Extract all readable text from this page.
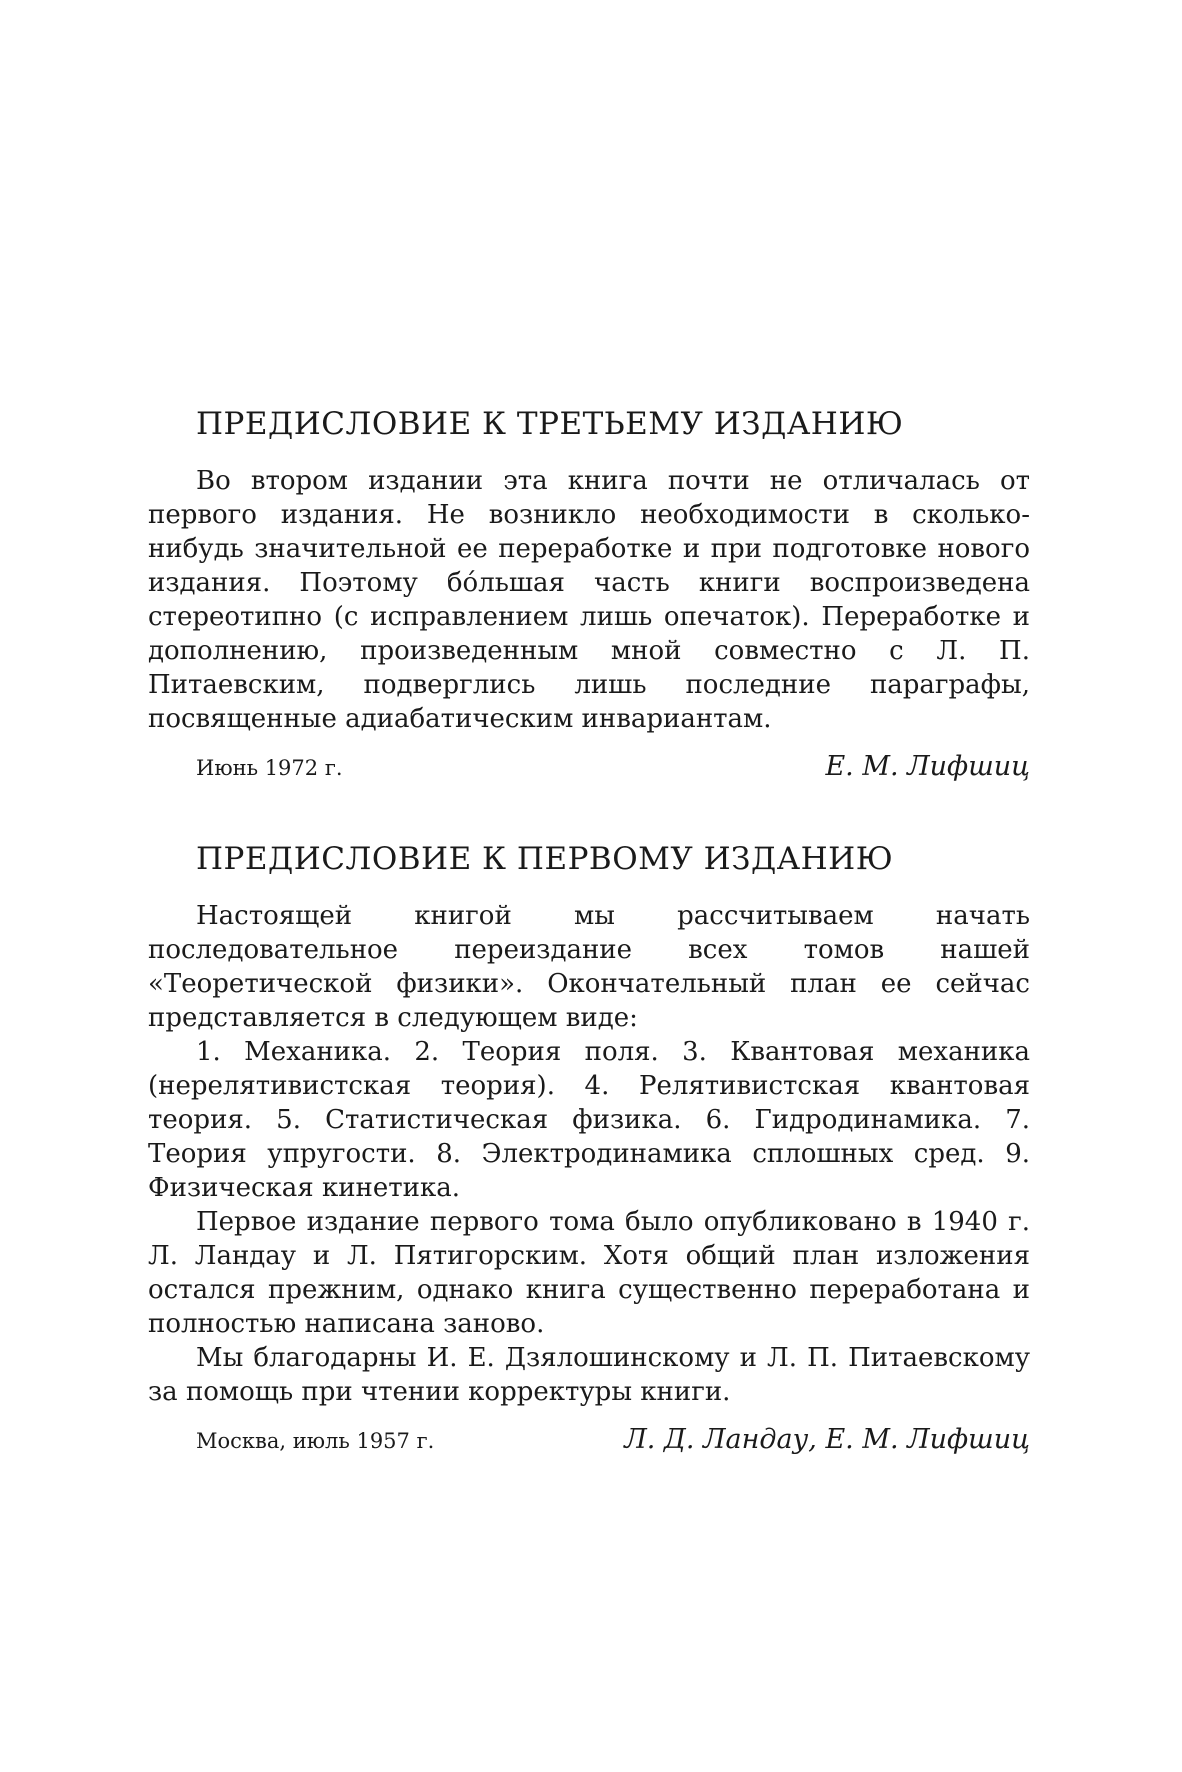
ПРЕДИСЛОВИЕ К ТРЕТЬЕМУ ИЗДАНИЮ

Во втором издании эта книга почти не отличалась от первого издания. Не возникло необходимости в сколько-нибудь значительной ее переработке и при подготовке нового издания. Поэтому бо́льшая часть книги воспроизведена стереотипно (с исправлением лишь опечаток). Переработке и дополнению, произведенным мной совместно с Л. П. Питаевским, подверглись лишь последние параграфы, посвященные адиабатическим инвариантам.

Июнь 1972 г.	Е. М. Лифшиц
ПРЕДИСЛОВИЕ К ПЕРВОМУ ИЗДАНИЮ

Настоящей книгой мы рассчитываем начать последовательное переиздание всех томов нашей «Теоретической физики». Окончательный план ее сейчас представляется в следующем виде:

1. Механика. 2. Теория поля. 3. Квантовая механика (нерелятивистская теория). 4. Релятивистская квантовая теория. 5. Статистическая физика. 6. Гидродинамика. 7. Теория упругости. 8. Электродинамика сплошных сред. 9. Физическая кинетика.

Первое издание первого тома было опубликовано в 1940 г. Л. Ландау и Л. Пятигорским. Хотя общий план изложения остался прежним, однако книга существенно переработана и полностью написана заново.

Мы благодарны И. Е. Дзялошинскому и Л. П. Питаевскому за помощь при чтении корректуры книги.

Москва, июль 1957 г.	Л. Д. Ландау, Е. М. Лифшиц
